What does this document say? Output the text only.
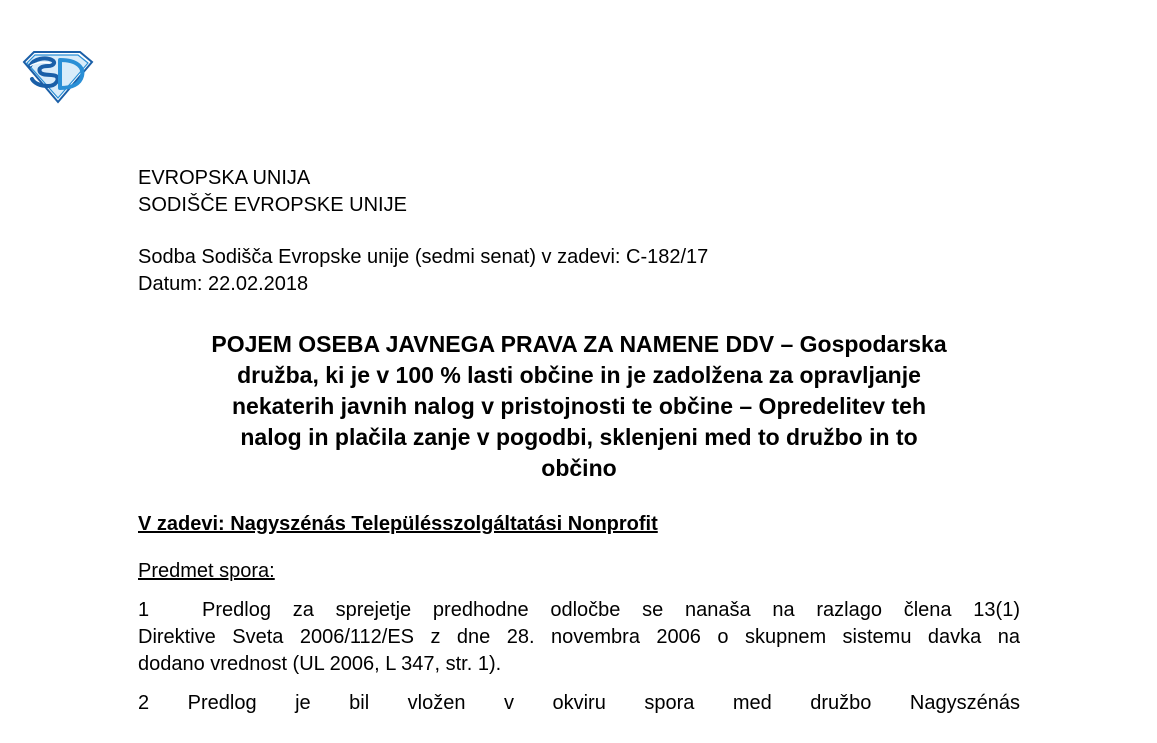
EVROPSKA UNIJA
SODIŠČE EVROPSKE UNIJE
Sodba Sodišča Evropske unije (sedmi senat) v zadevi: C-182/17
Datum: 22.02.2018
POJEM OSEBA JAVNEGA PRAVA ZA NAMENE DDV – Gospodarska
družba, ki je v 100 % lasti občine in je zadolžena za opravljanje
nekaterih javnih nalog v pristojnosti te občine – Opredelitev teh
nalog in plačila zanje v pogodbi, sklenjeni med to družbo in to
občino
V zadevi: Nagyszénás Településszolgáltatási Nonprofit
Predmet spora:
1	Predlog za sprejetje predhodne odločbe se nanaša na razlago člena 13(1)
Direktive Sveta 2006/112/ES z dne 28. novembra 2006 o skupnem sistemu davka na
dodano vrednost (UL 2006, L 347, str. 1).
2 Predlog je bil vložen v okviru spora med družbo Nagyszénás
